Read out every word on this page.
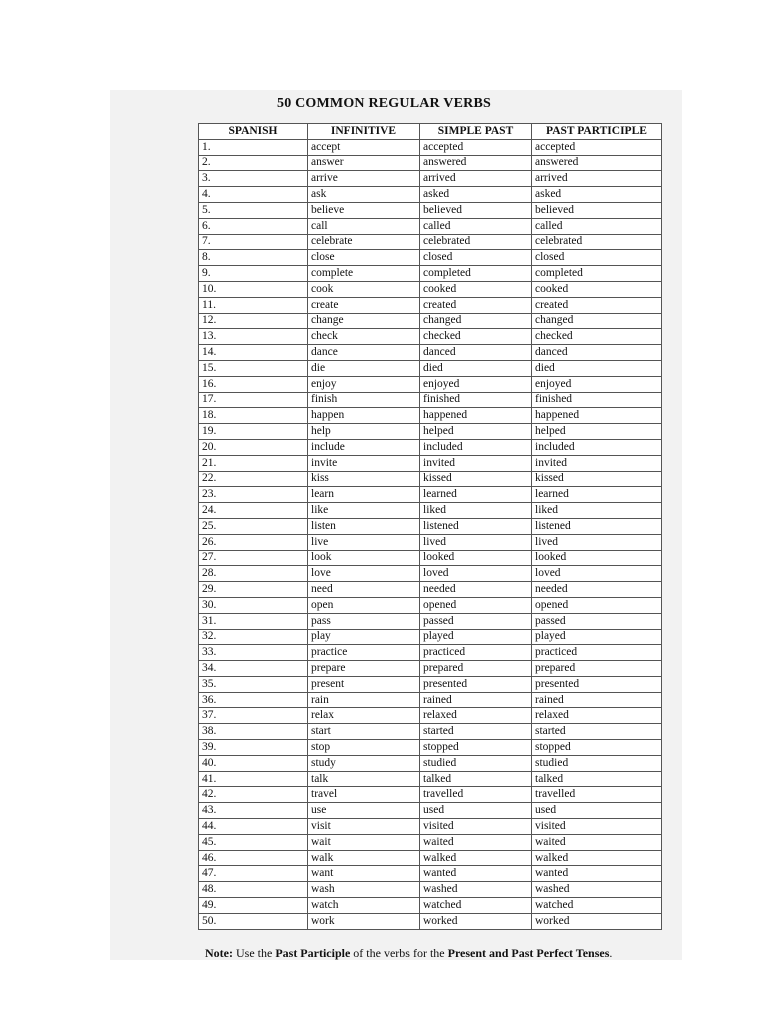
50 COMMON REGULAR VERBS
SPANISH	INFINITIVE	SIMPLE PAST	PAST PARTICIPLE
1.	accept	accepted	accepted
2.	answer	answered	answered
3.	arrive	arrived	arrived
4.	ask	asked	asked
5.	believe	believed	believed
6.	call	called	called
7.	celebrate	celebrated	celebrated
8.	close	closed	closed
9.	complete	completed	completed
10.	cook	cooked	cooked
11.	create	created	created
12.	change	changed	changed
13.	check	checked	checked
14.	dance	danced	danced
15.	die	died	died
16.	enjoy	enjoyed	enjoyed
17.	finish	finished	finished
18.	happen	happened	happened
19.	help	helped	helped
20.	include	included	included
21.	invite	invited	invited
22.	kiss	kissed	kissed
23.	learn	learned	learned
24.	like	liked	liked
25.	listen	listened	listened
26.	live	lived	lived
27.	look	looked	looked
28.	love	loved	loved
29.	need	needed	needed
30.	open	opened	opened
31.	pass	passed	passed
32.	play	played	played
33.	practice	practiced	practiced
34.	prepare	prepared	prepared
35.	present	presented	presented
36.	rain	rained	rained
37.	relax	relaxed	relaxed
38.	start	started	started
39.	stop	stopped	stopped
40.	study	studied	studied
41.	talk	talked	talked
42.	travel	travelled	travelled
43.	use	used	used
44.	visit	visited	visited
45.	wait	waited	waited
46.	walk	walked	walked
47.	want	wanted	wanted
48.	wash	washed	washed
49.	watch	watched	watched
50.	work	worked	worked
Note: Use the Past Participle of the verbs for the Present and Past Perfect Tenses.
